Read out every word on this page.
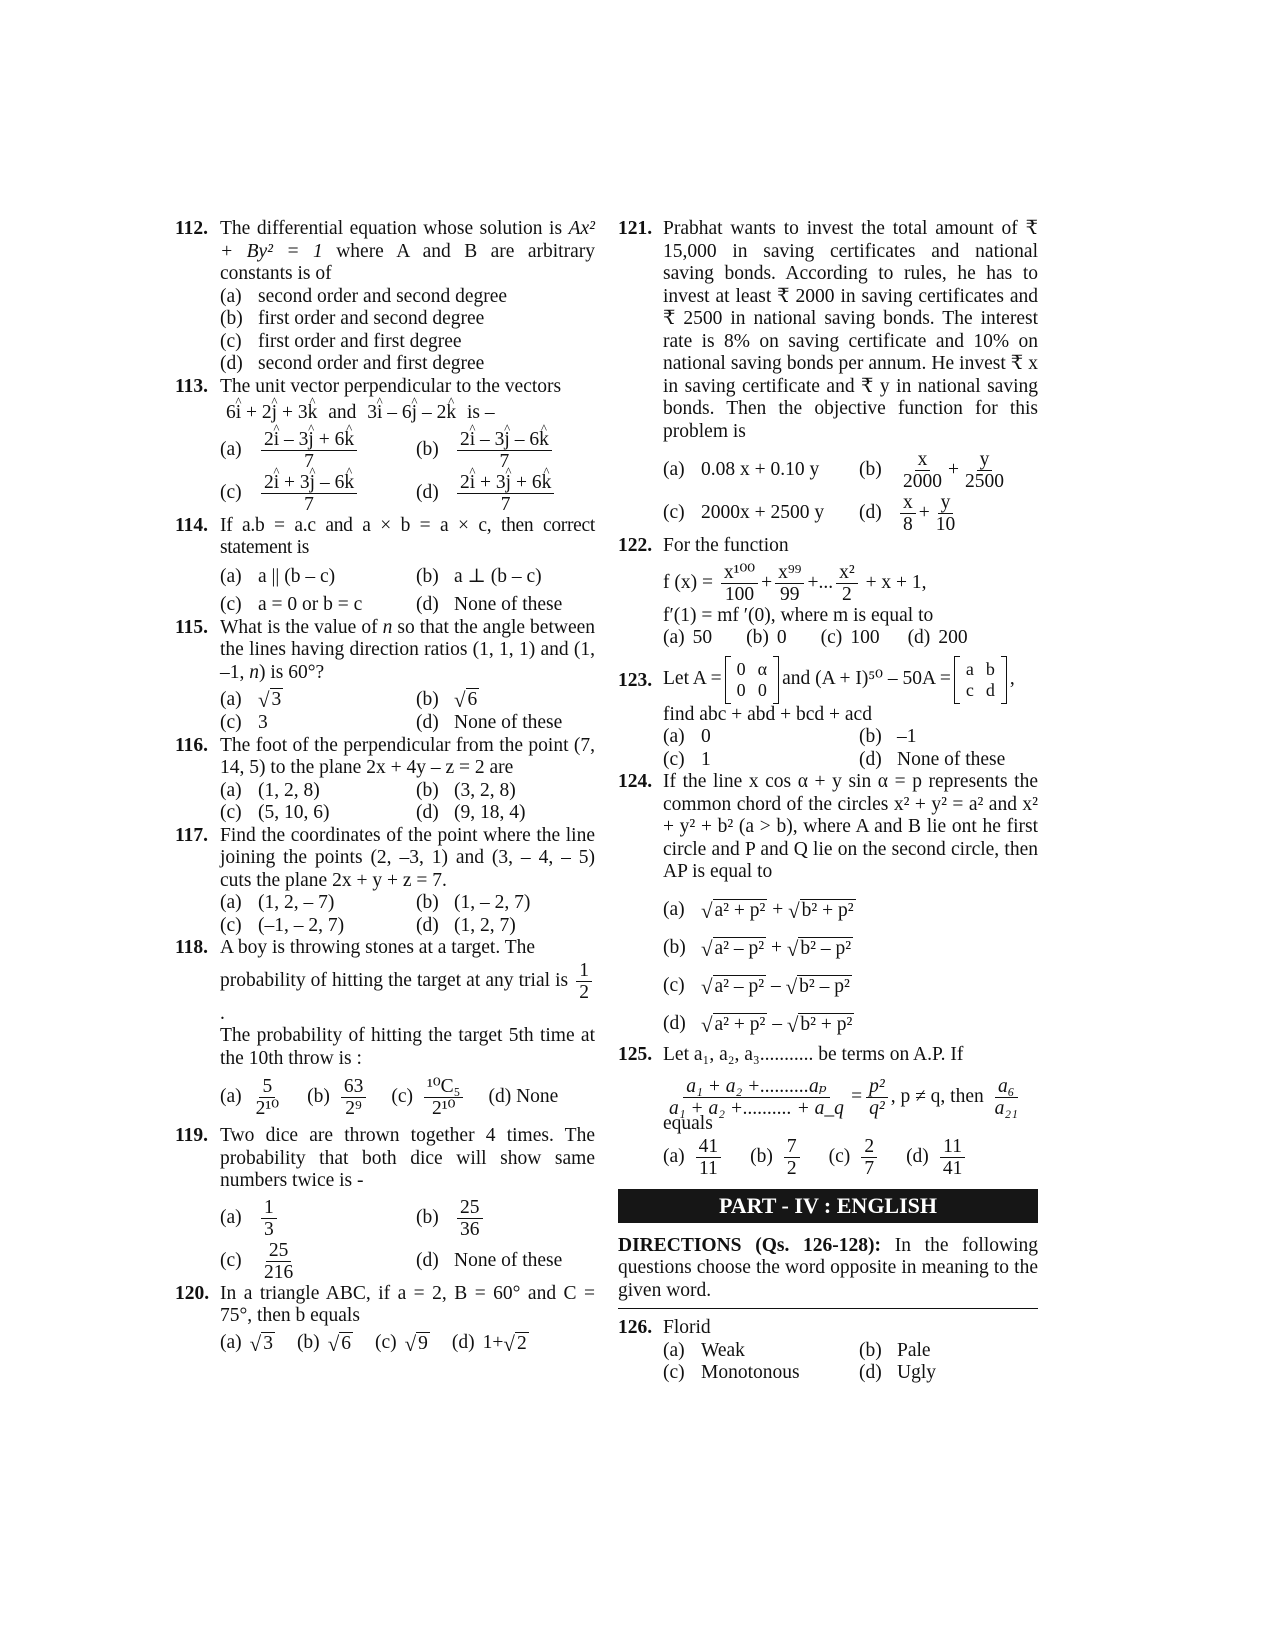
112. The differential equation whose solution is Ax² + By² = 1 where A and B are arbitrary constants is of
(a) second order and second degree
(b) first order and second degree
(c) first order and first degree
(d) second order and first degree
113. The unit vector perpendicular to the vectors
6i ^ + 2j ^ + 3k ^ and 3i ^ – 6j ^ – 2k ^ is –
$(a) \frac{2i \^{} - 3j \^{} + 6k \^{}}{7}$	$(b) \frac{2i \^{} - 3j \^{} - 6k \^{}}{7}$
$(c) \frac{2i \^{} + 3j \^{} - 6k \^{}}{7}$	$(d) \frac{2i \^{} + 3j \^{} + 6k \^{}}{7}$
114. If a.b = a.c and a × b = a × c, then correct statement is
(a) a || (b – c)	(b) a ⊥ (b – c)
(c) a = 0 or b = c	(d) None of these
115. What is the value of n so that the angle between the lines having direction ratios (1, 1, 1) and (1, –1, n) is 60°?
(a) √ 3	(b) √ 6
(c) 3	(d) None of these
116. The foot of the perpendicular from the point (7, 14, 5) to the plane 2x + 4y – z = 2 are
(a) (1, 2, 8)	(b) (3, 2, 8)
(c) (5, 10, 6)	(d) (9, 18, 4)
117. Find the coordinates of the point where the line joining the points (2, –3, 1) and (3, – 4, – 5) cuts the plane 2x + y + z = 7.
(a) (1, 2, – 7)	(b) (1, – 2, 7)
(c) (–1, – 2, 7)	(d) (1, 2, 7)
118. A boy is throwing stones at a target. The
probability of hitting the target at any trial is $\frac{1}{2}$
.
The probability of hitting the target 5th time at the 10th throw is :
$(a) \frac{5}{\text{2¹⁰}} (b) \frac{63}{\text{2⁹}} (c) \frac{\text{¹⁰C₅}}{\text{2¹⁰}} (d)$ None
119. Two dice are thrown together 4 times. The probability that both dice will show same numbers twice is -
$(a) \frac{1}{3}$	$(b) \frac{25}{36}$
$(c) \frac{25}{216}$	(d) None of these
120. In a triangle ABC, if a = 2, B = 60° and C = 75°, then b equals
(a) √ 3 (b) √ 6 (c) √ 9 (d) 1+ √ 2
121. Prabhat wants to invest the total amount of ₹ 15,000 in saving certificates and national saving bonds. According to rules, he has to invest at least ₹ 2000 in saving certificates and ₹ 2500 in national saving bonds. The interest rate is 8% on saving certificate and 10% on national saving bonds per annum. He invest ₹ x in saving certificate and ₹ y in national saving bonds. Then the objective function for this problem is
(a) 0.08 x + 0.10 y $(b) \frac{x}{2000} + \frac{y}{2500}$
(c) 2000x + 2500 y $(d) \frac{x}{8} + \frac{y}{10}$
122. For the function
f $(x) = \frac{\text{x¹⁰⁰}}{100} + \frac{\text{x⁹⁹}}{99}$ +... $\frac{\text{x²}}{2} + x + 1$,
f′(1) = mf ′(0), where m is equal to
(a) 50 (b) 0 (c) 100 (d) 200
123. Let A = 0	α
0	0
and (A + I)⁵⁰ – 50A = a	b
c	d
,
find abc + abd + bcd + acd
(a) 0	(b) –1
(c) 1	(d) None of these
124. If the line x cos α + y sin α = p represents the common chord of the circles x² + y² = a² and x² + y² + b² (a > b), where A and B lie ont he first circle and P and Q lie on the second circle, then AP is equal to
(a) √ a² + p²
+
√ b² + p²
(b) √ a² – p²
+
√ b² – p²
(c) √ a² – p²
–
√ b² – p²
(d) √ a² + p²
–
√ b² + p²
125. Let a₁, a₂, a₃........... be terms on A.P. If
$\frac{\text{a₁ + a₂ +..........aₚ}}{\text{a₁ + a₂ +.......... + a\_q}} = \frac{\text{p²}}{\text{q²}}$ , p ≠ q, then $\frac{\text{a₆}}{\text{a₂₁}}$
equals
$(a) \frac{41}{11} (b) \frac{7}{2} (c) \frac{2}{7} (d) \frac{11}{41}$
PART - IV : ENGLISH
DIRECTIONS (Qs. 126-128): In the following questions choose the word opposite in meaning to the given word.
126. Florid
(a) Weak	(b) Pale
(c) Monotonous	(d) Ugly
